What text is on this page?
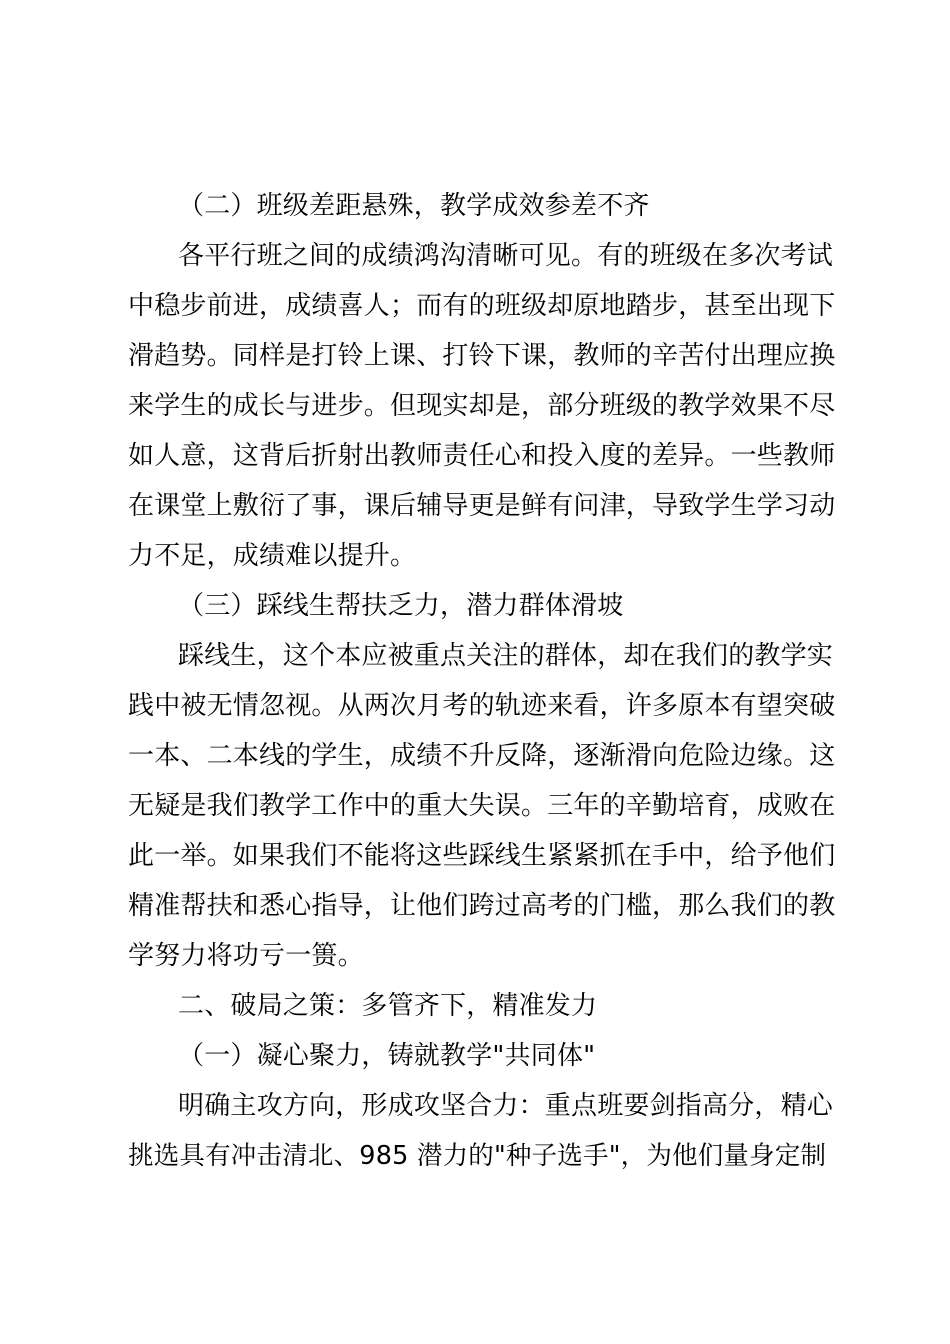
（二）班级差距悬殊，教学成效参差不齐
各平行班之间的成绩鸿沟清晰可见。有的班级在多次考试
中稳步前进，成绩喜人；而有的班级却原地踏步，甚至出现下
滑趋势。同样是打铃上课、打铃下课，教师的辛苦付出理应换
来学生的成长与进步。但现实却是，部分班级的教学效果不尽
如人意，这背后折射出教师责任心和投入度的差异。一些教师
在课堂上敷衍了事，课后辅导更是鲜有问津，导致学生学习动
力不足，成绩难以提升。
（三）踩线生帮扶乏力，潜力群体滑坡
踩线生，这个本应被重点关注的群体，却在我们的教学实
践中被无情忽视。从两次月考的轨迹来看，许多原本有望突破
一本、二本线的学生，成绩不升反降，逐渐滑向危险边缘。这
无疑是我们教学工作中的重大失误。三年的辛勤培育，成败在
此一举。如果我们不能将这些踩线生紧紧抓在手中，给予他们
精准帮扶和悉心指导，让他们跨过高考的门槛，那么我们的教
学努力将功亏一篑。
二、破局之策：多管齐下，精准发力
（一）凝心聚力，铸就教学"共同体"
明确主攻方向，形成攻坚合力：重点班要剑指高分，精心
挑选具有冲击清北、985 潜力的"种子选手"，为他们量身定制
